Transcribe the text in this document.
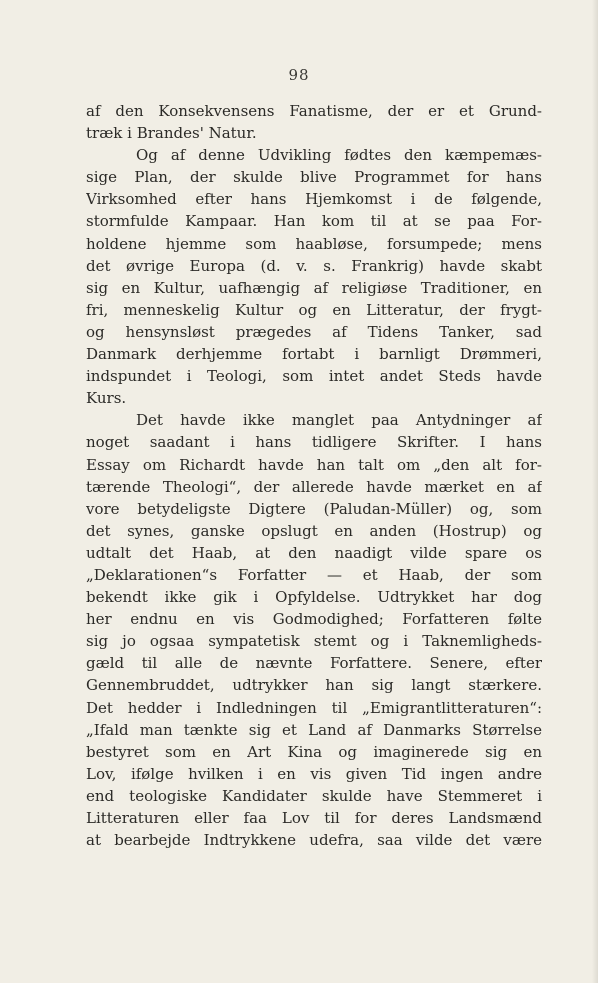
98
af den Konsekvensens Fanatisme, der er et Grund-
træk i Brandes' Natur.
Og af denne Udvikling fødtes den kæmpemæs-
sige Plan, der skulde blive Programmet for hans
Virksomhed efter hans Hjemkomst i de følgende,
stormfulde Kampaar. Han kom til at se paa For-
holdene hjemme som haabløse, forsumpede; mens
det øvrige Europa (d. v. s. Frankrig) havde skabt
sig en Kultur, uafhængig af religiøse Traditioner, en
fri, menneskelig Kultur og en Litteratur, der frygt-
og hensynsløst prægedes af Tidens Tanker, sad
Danmark derhjemme fortabt i barnligt Drømmeri,
indspundet i Teologi, som intet andet Steds havde
Kurs.
Det havde ikke manglet paa Antydninger af
noget saadant i hans tidligere Skrifter. I hans
Essay om Richardt havde han talt om „den alt for-
tærende Theologi“, der allerede havde mærket en af
vore betydeligste Digtere (Paludan-Müller) og, som
det synes, ganske opslugt en anden (Hostrup) og
udtalt det Haab, at den naadigt vilde spare os
„Deklarationen“s Forfatter — et Haab, der som
bekendt ikke gik i Opfyldelse. Udtrykket har dog
her endnu en vis Godmodighed; Forfatteren følte
sig jo ogsaa sympatetisk stemt og i Taknemligheds-
gæld til alle de nævnte Forfattere. Senere, efter
Gennembruddet, udtrykker han sig langt stærkere.
Det hedder i Indledningen til „Emigrantlitteraturen“:
„Ifald man tænkte sig et Land af Danmarks Størrelse
bestyret som en Art Kina og imaginerede sig en
Lov, ifølge hvilken i en vis given Tid ingen andre
end teologiske Kandidater skulde have Stemmeret i
Litteraturen eller faa Lov til for deres Landsmænd
at bearbejde Indtrykkene udefra, saa vilde det være
